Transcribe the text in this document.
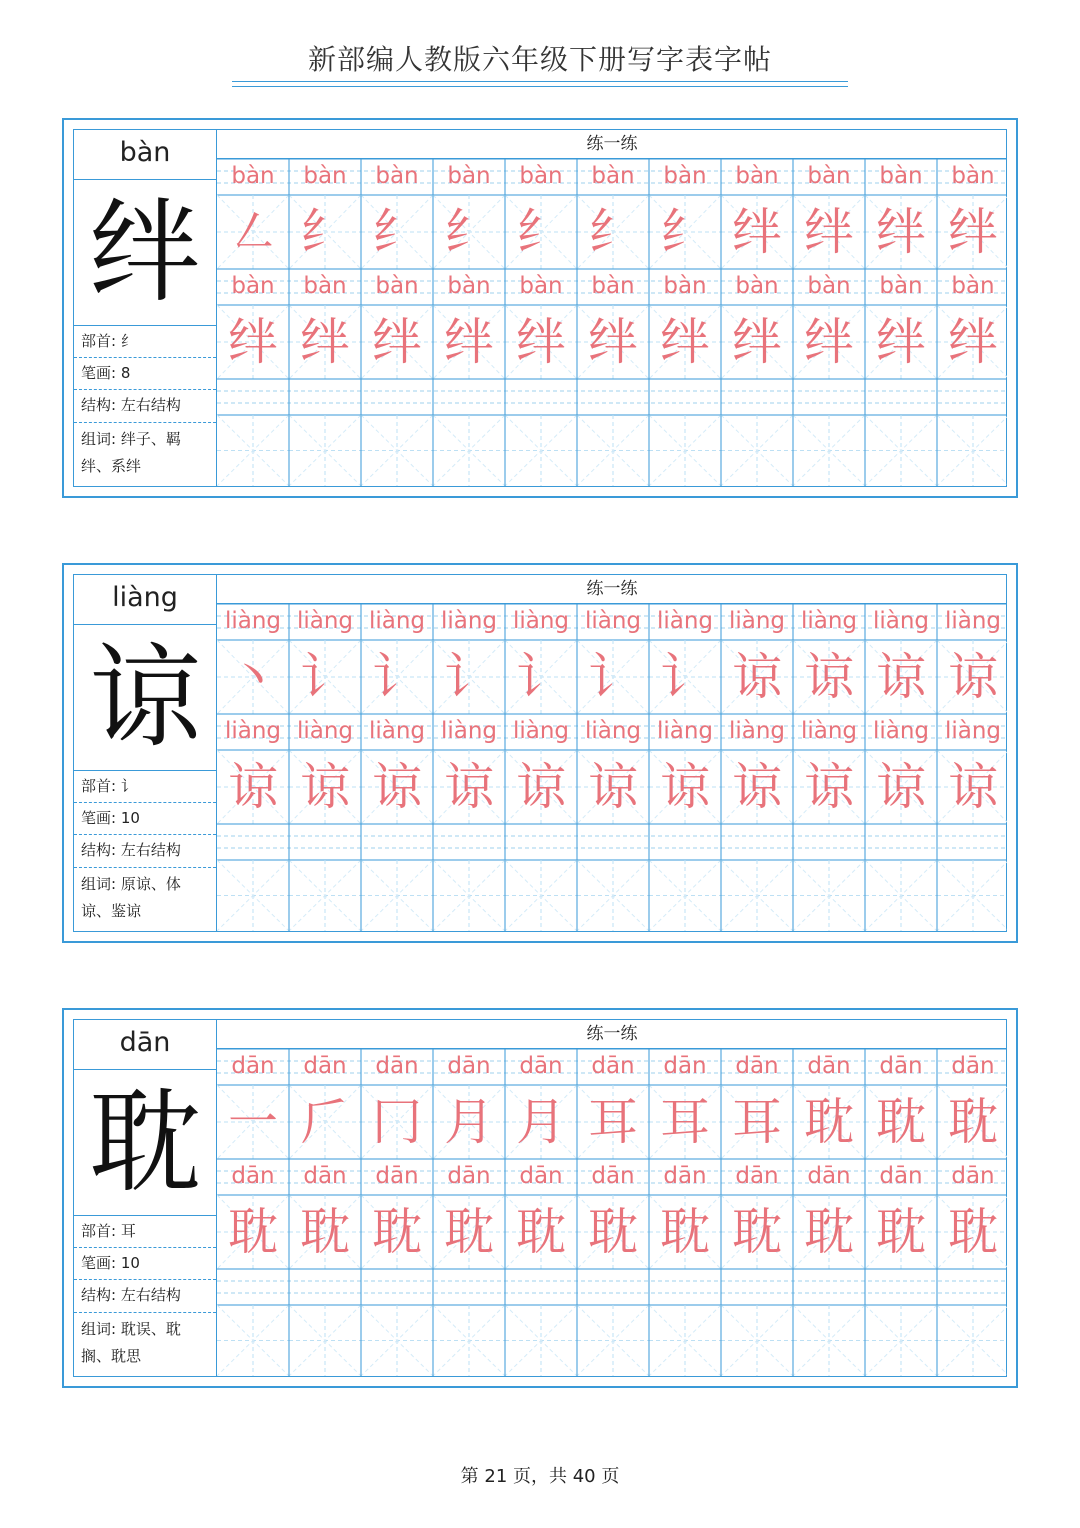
新部编人教版六年级下册写字表字帖
bàn
绊
部首: 纟
笔画: 8
结构: 左右结构
组词: 绊子、羁绊、系绊
练一练
bàn	bàn	bàn	bàn	bàn	bàn	bàn	bàn	bàn	bàn	bàn
㇜ 纟 纟 纟 纟 纟 纟 绊 绊 绊 绊
bàn	bàn	bàn	bàn	bàn	bàn	bàn	bàn	bàn	bàn	bàn
绊 绊 绊 绊 绊 绊 绊 绊 绊 绊 绊
liàng
谅
部首: 讠
笔画: 10
结构: 左右结构
组词: 原谅、体谅、鉴谅
练一练
liàng liàng liàng liàng liàng liàng liàng liàng liàng liàng liàng
丶 讠 讠 讠 讠 讠 讠 谅 谅 谅 谅
liàng liàng liàng liàng liàng liàng liàng liàng liàng liàng liàng
谅 谅 谅 谅 谅 谅 谅 谅 谅 谅 谅
dān
耽
部首: 耳
笔画: 10
结构: 左右结构
组词: 耽误、耽搁、耽思
练一练
dān	dān	dān	dān	dān	dān	dān	dān	dān	dān	dān
一 𠂆 冂 月 月 耳 耳 耳 耽 耽 耽
dān	dān	dān	dān	dān	dān	dān	dān	dān	dān	dān
耽 耽 耽 耽 耽 耽 耽 耽 耽 耽 耽
第 21 页，共 40 页
